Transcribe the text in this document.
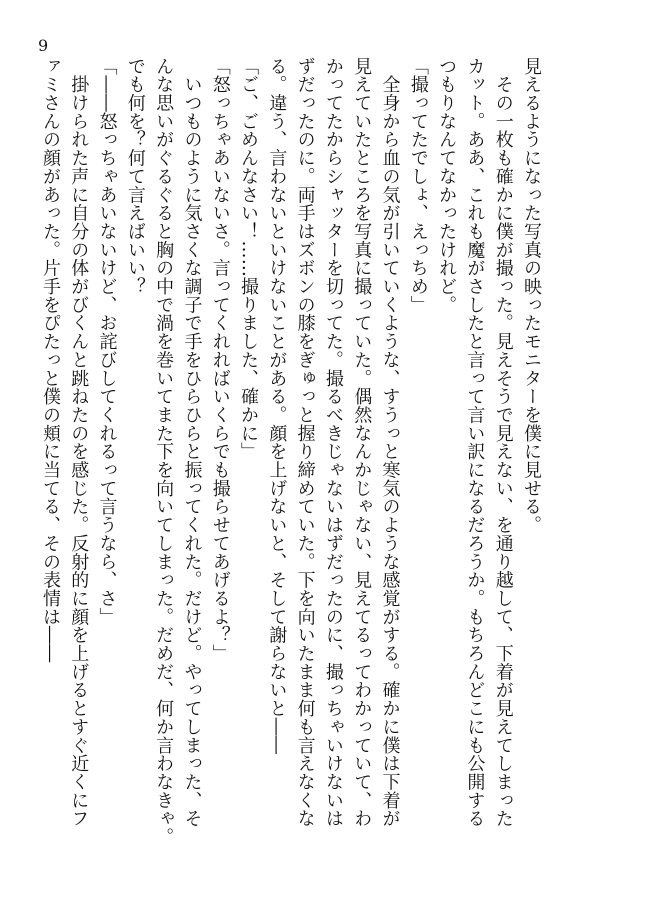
9
見えるようになった写真の映ったモニターを僕に見せる。
　その一枚も確かに僕が撮った。見えそうで見えない、を通り越して、下着が見えてしまった
カット。ああ、これも魔がさしたと言って言い訳になるだろうか。もちろんどこにも公開する
つもりなんてなかったけれど。
「撮ってたでしょ、えっちめ」
　全身から血の気が引いていくような、すうっと寒気のような感覚がする。確かに僕は下着が
見えていたところを写真に撮っていた。偶然なんかじゃない、見えてるってわかっていて、わ
かってたからシャッターを切ってた。撮るべきじゃないはずだったのに、撮っちゃいけないは
ずだったのに。両手はズボンの膝をぎゅっと握り締めていた。下を向いたまま何も言えなくな
る。違う、言わないといけないことがある。顔を上げないと、そして謝らないと――
「ご、ごめんなさい！……撮りました、確かに」
「怒っちゃあいないさ。言ってくれればいくらでも撮らせてあげるよ？」
　いつものように気さくな調子で手をひらひらと振ってくれた。だけど。やってしまった、そ
んな思いがぐるぐると胸の中で渦を巻いてまた下を向いてしまった。だめだ、何か言わなきゃ。
でも何を？何て言えばいい？
「――怒っちゃあいないけど、お詫びしてくれるって言うなら、さ」
　掛けられた声に自分の体がびくんと跳ねたのを感じた。反射的に顔を上げるとすぐ近くにフ
ァミさんの顔があった。片手をぴたっと僕の頬に当てる、その表情は――
